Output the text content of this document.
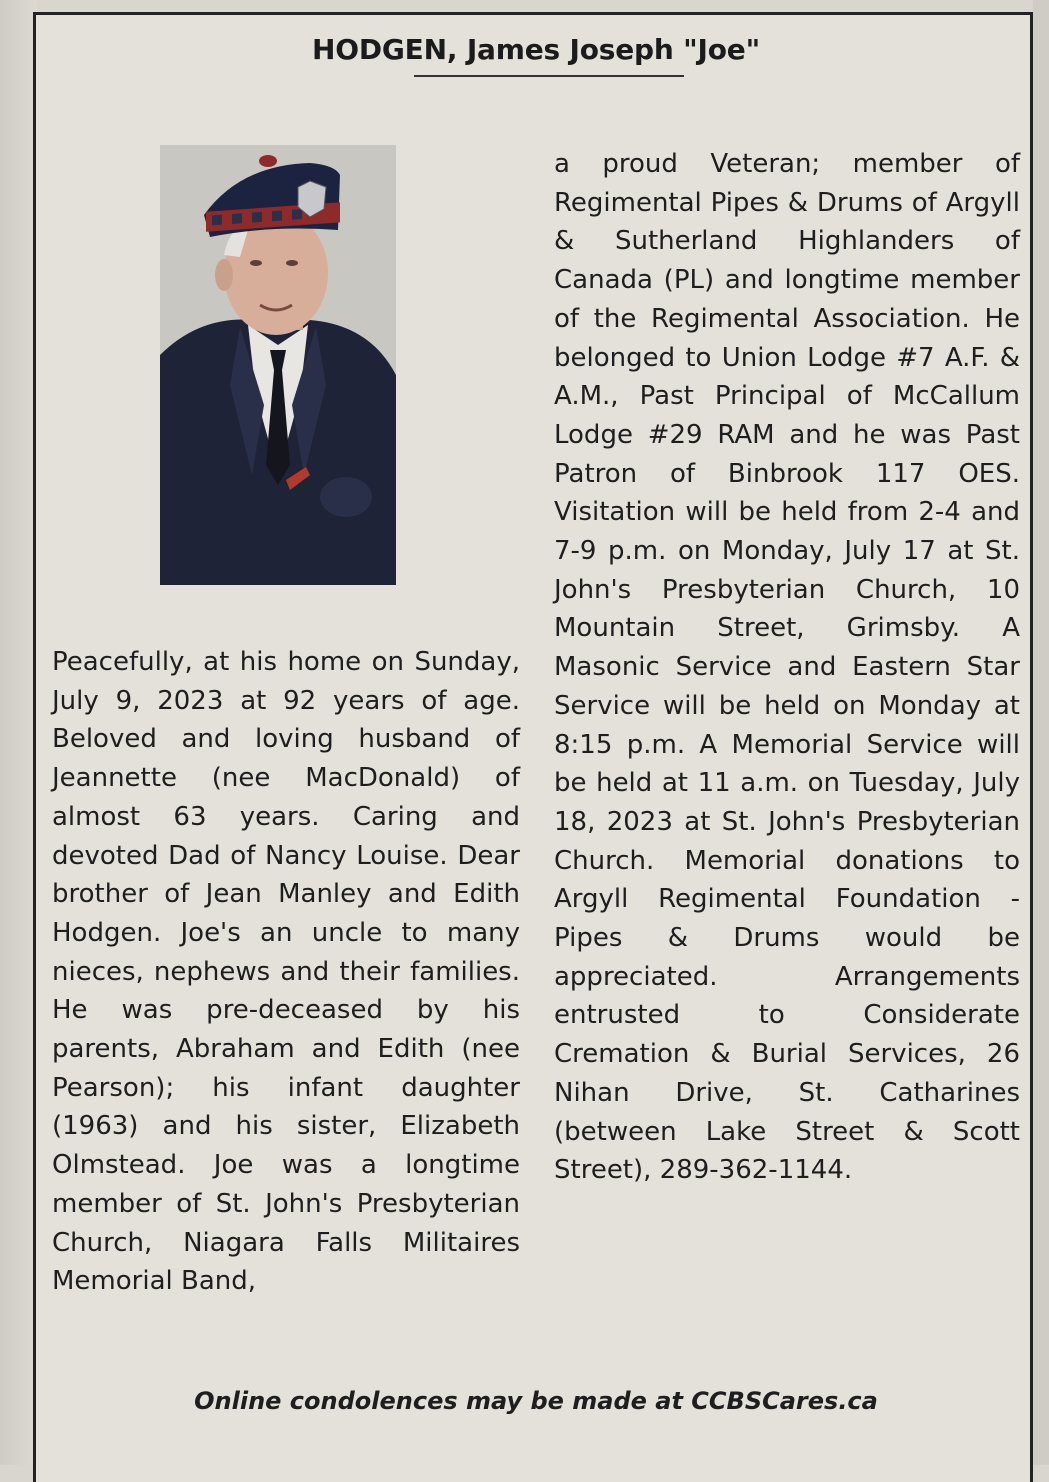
HODGEN, James Joseph "Joe"
Peacefully, at his home on Sunday, July 9, 2023 at 92 years of age. Beloved and loving husband of Jeannette (nee MacDonald) of almost 63 years. Caring and devoted Dad of Nancy Louise. Dear brother of Jean Manley and Edith Hodgen. Joe's an uncle to many nieces, nephews and their families. He was pre-deceased by his parents, Abraham and Edith (nee Pearson); his infant daughter (1963) and his sister, Elizabeth Olmstead. Joe was a longtime member of St. John's Presbyterian Church, Niagara Falls Militaires Memorial Band,
a proud Veteran; member of Regimental Pipes & Drums of Argyll & Sutherland Highlanders of Canada (PL) and longtime member of the Regimental Association. He belonged to Union Lodge #7 A.F. & A.M., Past Principal of McCallum Lodge #29 RAM and he was Past Patron of Binbrook 117 OES. Visitation will be held from 2-4 and 7-9 p.m. on Monday, July 17 at St. John's Presbyterian Church, 10 Mountain Street, Grimsby. A Masonic Service and Eastern Star Service will be held on Monday at 8:15 p.m. A Memorial Service will be held at 11 a.m. on Tuesday, July 18, 2023 at St. John's Presbyterian Church. Memorial donations to Argyll Regimental Foundation - Pipes & Drums would be appreciated. Arrangements entrusted to Considerate Cremation & Burial Services, 26 Nihan Drive, St. Catharines (between Lake Street & Scott Street), 289-362-1144.
Online condolences may be made at CCBSCares.ca
